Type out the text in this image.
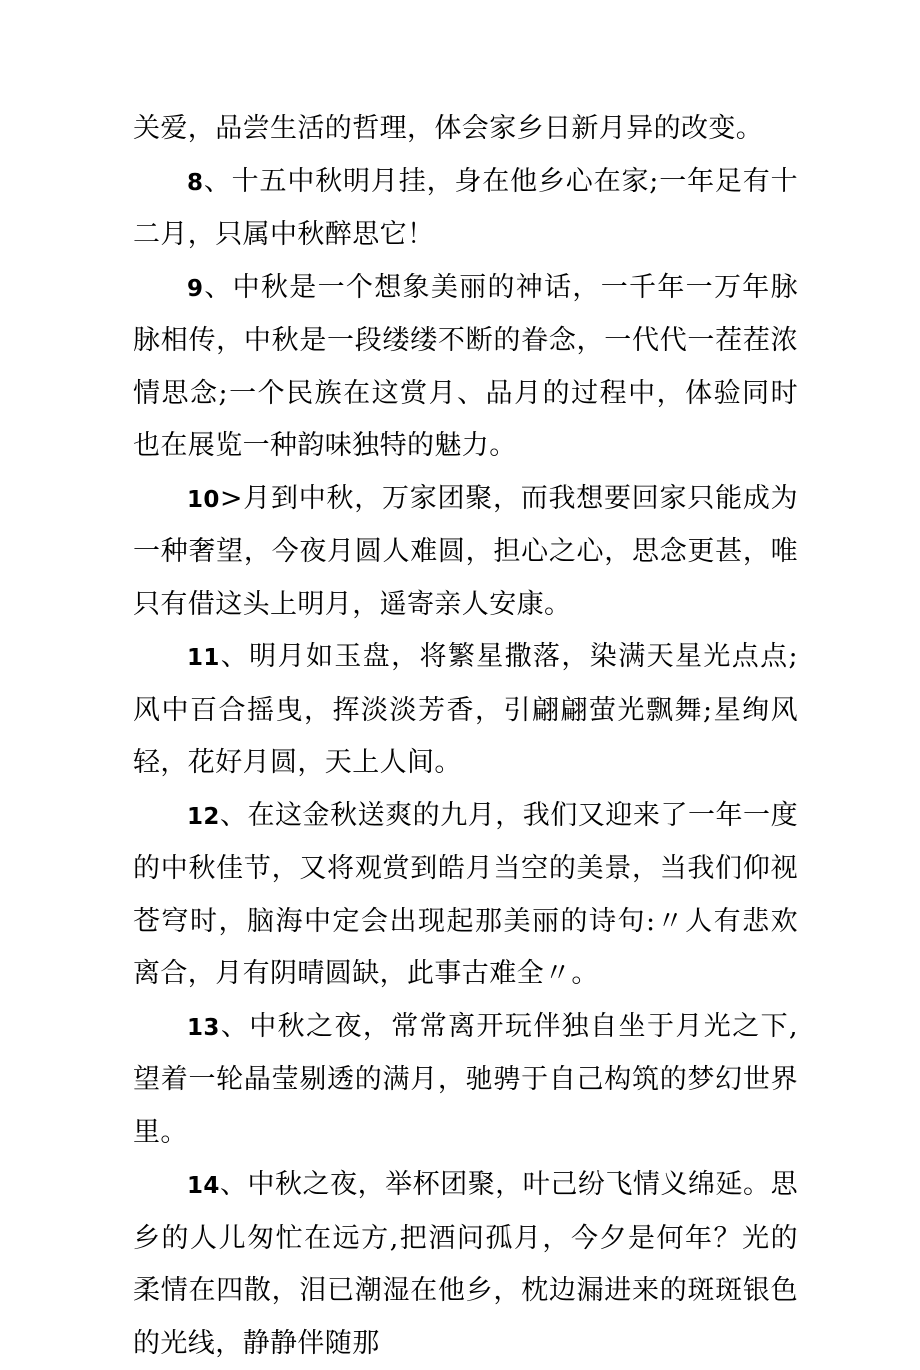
关爱，品尝生活的哲理，体会家乡日新月异的改变。

8、十五中秋明月挂，身在他乡心在家;一年足有十二月，只属中秋醉思它！

9、中秋是一个想象美丽的神话，一千年一万年脉脉相传，中秋是一段缕缕不断的眷念，一代代一茬茬浓情思念;一个民族在这赏月、品月的过程中，体验同时也在展览一种韵味独特的魅力。

10>月到中秋，万家团聚，而我想要回家只能成为一种奢望，今夜月圆人难圆，担心之心，思念更甚，唯只有借这头上明月，遥寄亲人安康。

11、明月如玉盘，将繁星撒落，染满天星光点点;风中百合摇曳，挥淡淡芳香，引翩翩萤光飘舞;星绚风轻，花好月圆，天上人间。

12、在这金秋送爽的九月，我们又迎来了一年一度的中秋佳节，又将观赏到皓月当空的美景，当我们仰视苍穹时，脑海中定会出现起那美丽的诗句:〃人有悲欢离合，月有阴晴圆缺，此事古难全〃。

13、中秋之夜，常常离开玩伴独自坐于月光之下,望着一轮晶莹剔透的满月，驰骋于自己构筑的梦幻世界里。

14、中秋之夜，举杯团聚，叶己纷飞情义绵延。思乡的人儿匆忙在远方,把酒问孤月，今夕是何年？光的柔情在四散，泪已潮湿在他乡，枕边漏进来的斑斑银色的光线，静静伴随那
